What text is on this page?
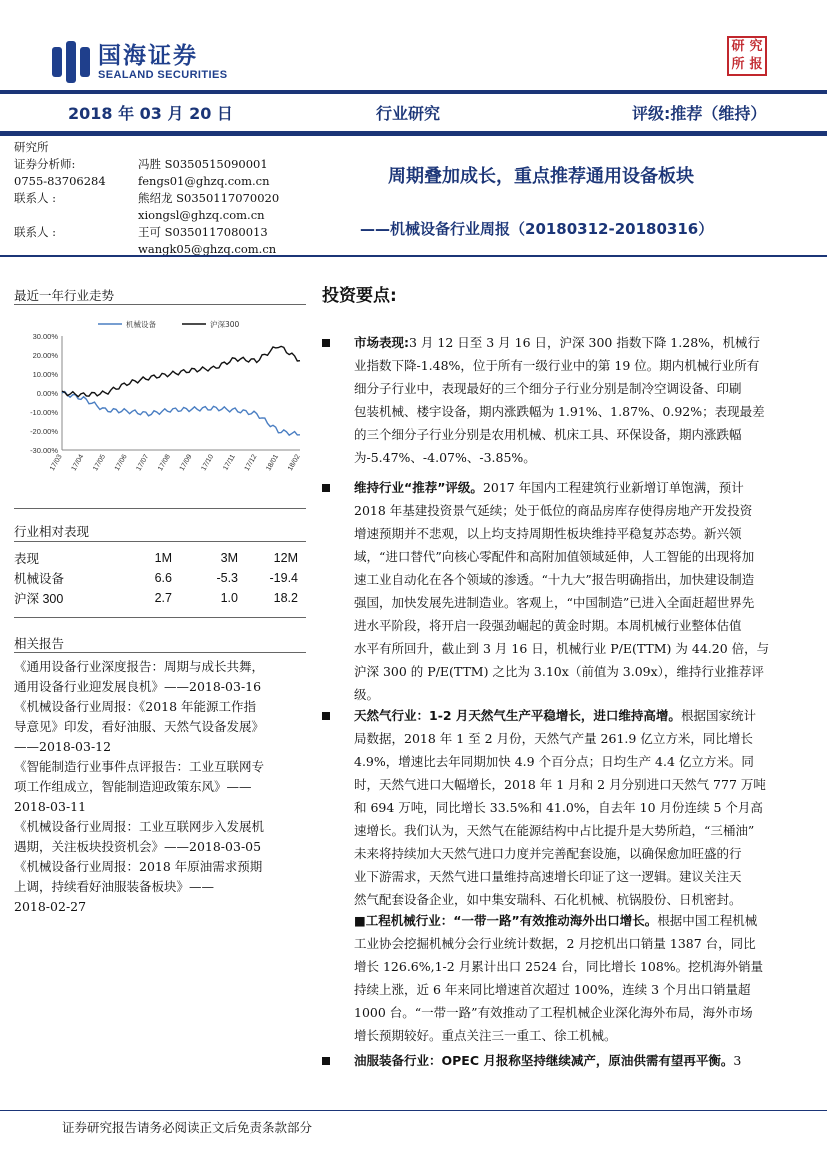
国海证券
SEALAND SECURITIES
研 究
所 报
2018 年 03 月 20 日	行业研究	评级:推荐（维持）
研究所
证券分析师:	冯胜 S0350515090001
0755-83706284	fengs01@ghzq.com.cn
联系人 :	熊绍龙 S0350117070020
xiongsl@ghzq.com.cn
联系人 :	王可 S0350117080013
wangk05@ghzq.com.cn
周期叠加成长，重点推荐通用设备板块
——机械设备行业周报（20180312-20180316）
最近一年行业走势
30.00%
20.00%
10.00%
0.00%
-10.00%
-20.00%
-30.00%
17/03 17/04 17/05 17/06 17/07 17/08 17/09 17/10 17/11 17/12 18/01 18/02
机械设备	沪深300
行业相对表现
表现	1M	3M	12M
机械设备	6.6	-5.3	-19.4
沪深 300	2.7	1.0	18.2
相关报告
《通用设备行业深度报告：周期与成长共舞，
通用设备行业迎发展良机》——2018-03-16
《机械设备行业周报：《2018 年能源工作指
导意见》印发，看好油服、天然气设备发展》
——2018-03-12
《智能制造行业事件点评报告：工业互联网专
项工作组成立，智能制造迎政策东风》——
2018-03-11
《机械设备行业周报：工业互联网步入发展机
遇期，关注板块投资机会》——2018-03-05
《机械设备行业周报：2018 年原油需求预期
上调，持续看好油服装备板块》——
2018-02-27
投资要点:
市场表现:3 月 12 日至 3 月 16 日，沪深 300 指数下降 1.28%，机械行
业指数下降-1.48%，位于所有一级行业中的第 19 位。期内机械行业所有
细分子行业中，表现最好的三个细分子行业分别是制冷空调设备、印刷
包装机械、楼宇设备，期内涨跌幅为 1.91%、1.87%、0.92%；表现最差
的三个细分子行业分别是农用机械、机床工具、环保设备，期内涨跌幅
为-5.47%、-4.07%、-3.85%。
维持行业“推荐”评级。2017 年国内工程建筑行业新增订单饱满，预计
2018 年基建投资景气延续；处于低位的商品房库存使得房地产开发投资
增速预期并不悲观，以上均支持周期性板块维持平稳复苏态势。新兴领
域，“进口替代”向核心零配件和高附加值领域延伸，人工智能的出现将加
速工业自动化在各个领域的渗透。“十九大”报告明确指出，加快建设制造
强国，加快发展先进制造业。客观上，“中国制造”已进入全面赶超世界先
进水平阶段，将开启一段强劲崛起的黄金时期。本周机械行业整体估值
水平有所回升，截止到 3 月 16 日，机械行业 P/E(TTM) 为 44.20 倍，与
沪深 300 的 P/E(TTM) 之比为 3.10x（前值为 3.09x），维持行业推荐评
级。
天然气行业：1-2 月天然气生产平稳增长，进口维持高增。根据国家统计
局数据，2018 年 1 至 2 月份，天然气产量 261.9 亿立方米，同比增长
4.9%，增速比去年同期加快 4.9 个百分点；日均生产 4.4 亿立方米。同
时，天然气进口大幅增长，2018 年 1 月和 2 月分别进口天然气 777 万吨
和 694 万吨，同比增长 33.5%和 41.0%，自去年 10 月份连续 5 个月高
速增长。我们认为，天然气在能源结构中占比提升是大势所趋，“三桶油”
未来将持续加大天然气进口力度并完善配套设施，以确保愈加旺盛的行
业下游需求，天然气进口量维持高速增长印证了这一逻辑。建议关注天
然气配套设备企业，如中集安瑞科、石化机械、杭锅股份、日机密封。
■工程机械行业：“一带一路”有效推动海外出口增长。根据中国工程机械
工业协会挖掘机械分会行业统计数据，2 月挖机出口销量 1387 台，同比
增长 126.6%,1-2 月累计出口 2524 台，同比增长 108%。挖机海外销量
持续上涨，近 6 年来同比增速首次超过 100%，连续 3 个月出口销量超
1000 台。“一带一路”有效推动了工程机械企业深化海外布局，海外市场
增长预期较好。重点关注三一重工、徐工机械。
油服装备行业：OPEC 月报称坚持继续减产，原油供需有望再平衡。3
证券研究报告请务必阅读正文后免责条款部分
